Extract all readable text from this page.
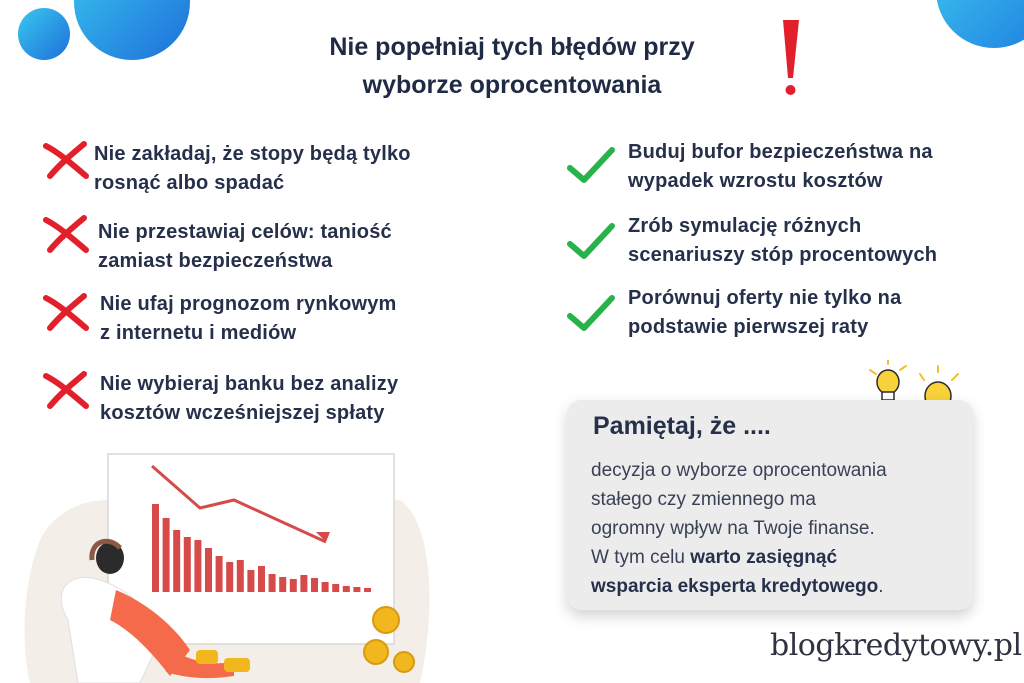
Nie popełniaj tych błędów przy
wyborze oprocentowania
Nie zakładaj, że stopy będą tylko
rosnąć albo spadać
Nie przestawiaj celów: taniość
zamiast bezpieczeństwa
Nie ufaj prognozom rynkowym
z internetu i mediów
Nie wybieraj banku bez analizy
kosztów wcześniejszej spłaty
Buduj bufor bezpieczeństwa na
wypadek wzrostu kosztów
Zrób symulację różnych
scenariuszy stóp procentowych
Porównuj oferty nie tylko na
podstawie pierwszej raty
Pamiętaj, że ....
decyzja o wyborze oprocentowania
stałego czy zmiennego ma
ogromny wpływ na Twoje finanse.
W tym celu warto zasięgnąć
wsparcia eksperta kredytowego.
blogkredytowy.pl
